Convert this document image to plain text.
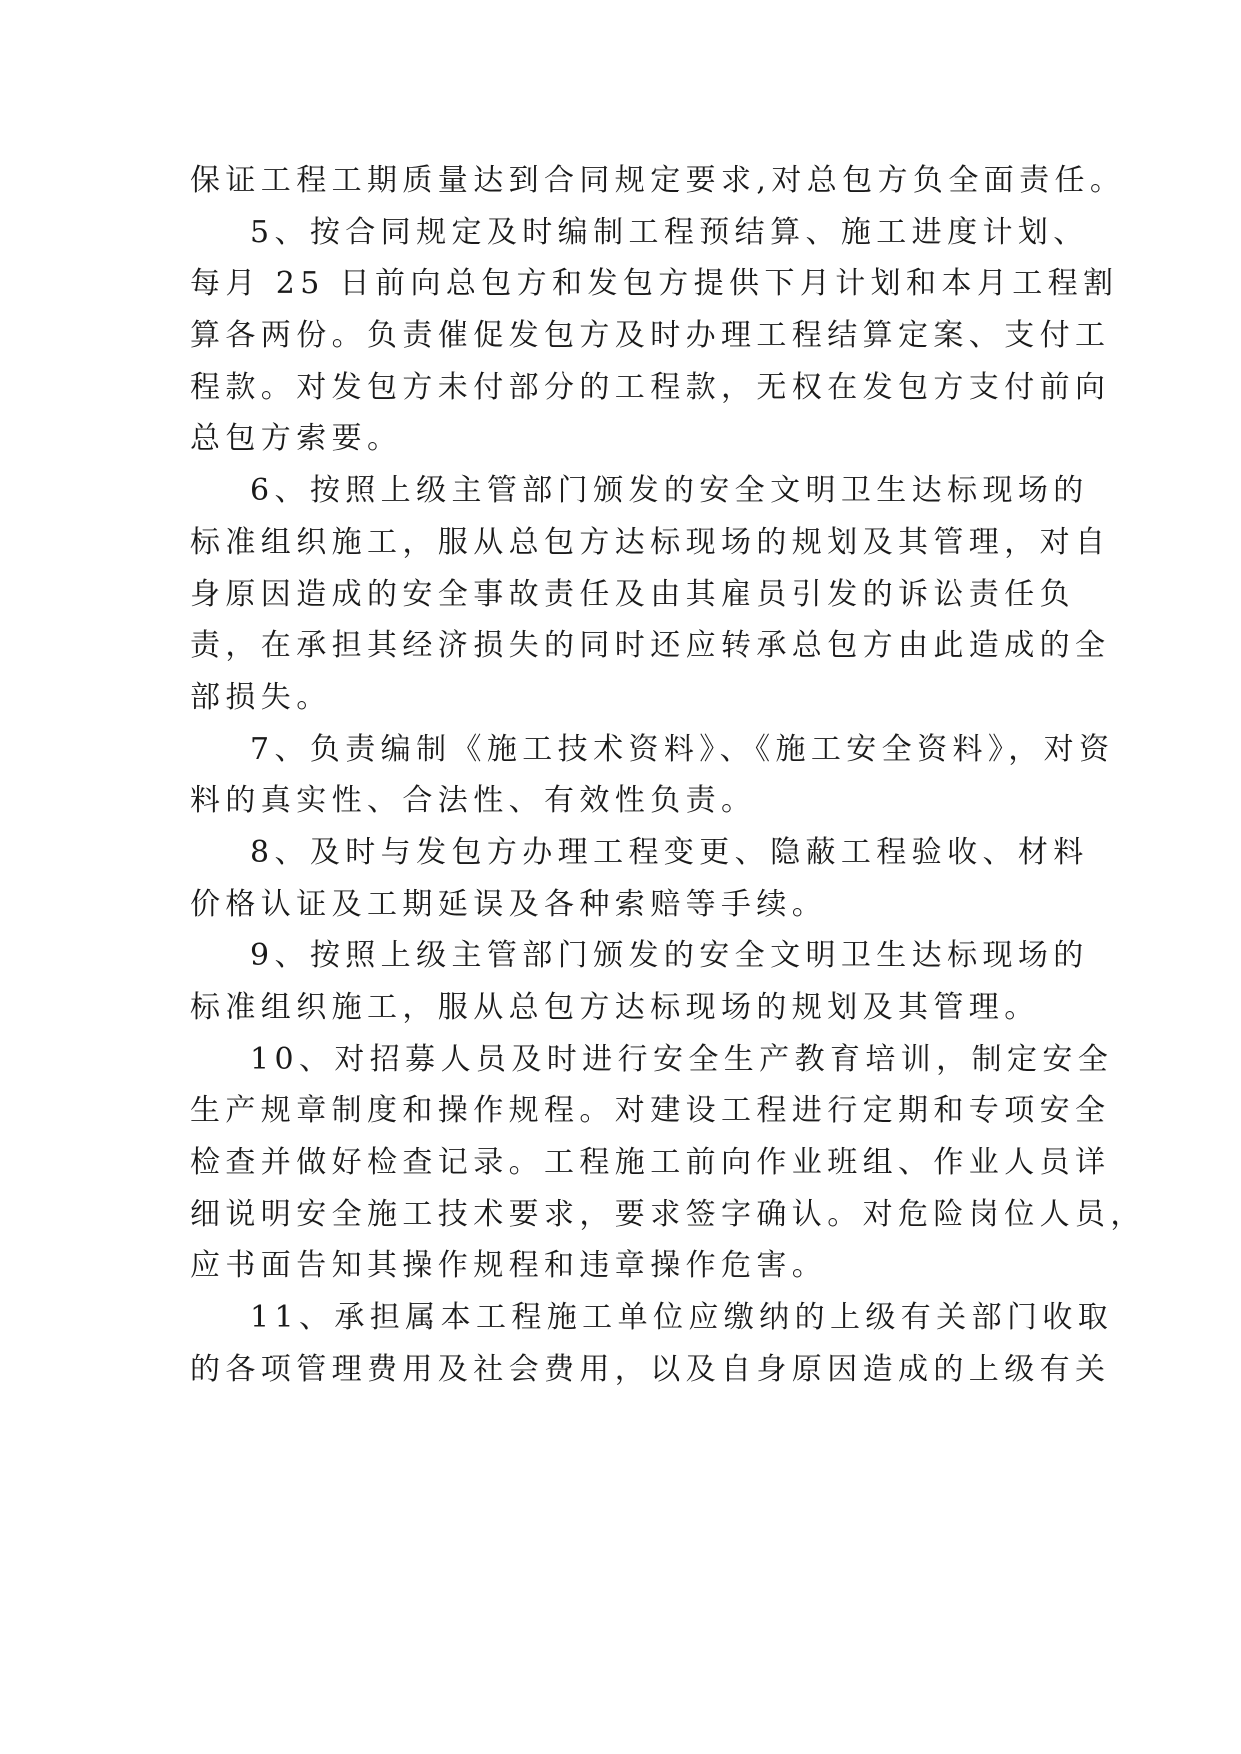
保证工程工期质量达到合同规定要求,对总包方负全面责任。
5、按合同规定及时编制工程预结算、施工进度计划、
每月 25 日前向总包方和发包方提供下月计划和本月工程割
算各两份。负责催促发包方及时办理工程结算定案、支付工
程款。对发包方未付部分的工程款，无权在发包方支付前向
总包方索要。
6、按照上级主管部门颁发的安全文明卫生达标现场的
标准组织施工，服从总包方达标现场的规划及其管理，对自
身原因造成的安全事故责任及由其雇员引发的诉讼责任负
责，在承担其经济损失的同时还应转承总包方由此造成的全
部损失。
7、负责编制《施工技术资料》、《施工安全资料》，对资
料的真实性、合法性、有效性负责。
8、及时与发包方办理工程变更、隐蔽工程验收、材料
价格认证及工期延误及各种索赔等手续。
9、按照上级主管部门颁发的安全文明卫生达标现场的
标准组织施工，服从总包方达标现场的规划及其管理。
10、对招募人员及时进行安全生产教育培训，制定安全
生产规章制度和操作规程。对建设工程进行定期和专项安全
检查并做好检查记录。工程施工前向作业班组、作业人员详
细说明安全施工技术要求，要求签字确认。对危险岗位人员，
应书面告知其操作规程和违章操作危害。
11、承担属本工程施工单位应缴纳的上级有关部门收取
的各项管理费用及社会费用，以及自身原因造成的上级有关
